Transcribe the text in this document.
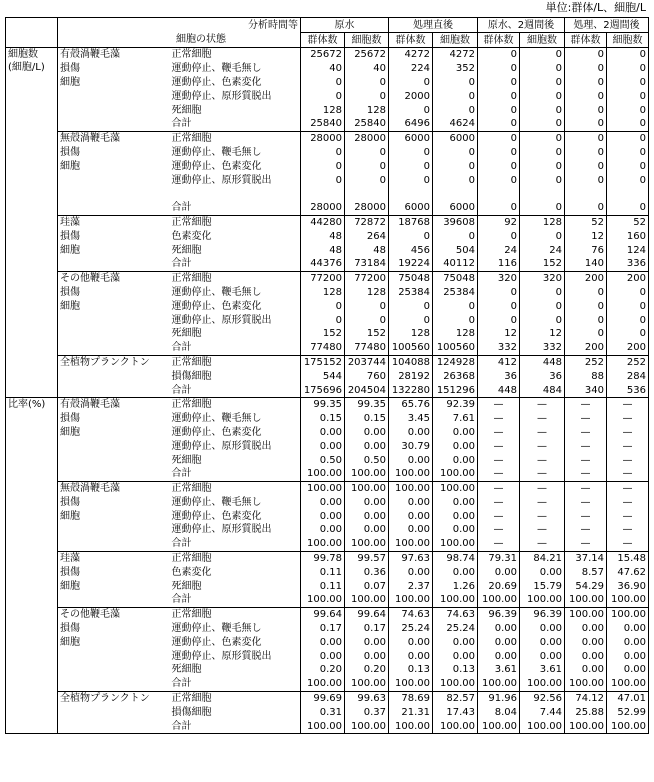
単位:群体/L、細胞/L
	分析時間等		原水		処理直後		原水、2週間後		処理、2週間後	
	細胞の状態		群体数	細胞数	群体数	細胞数	群体数	細胞数	群体数	細胞数

細胞数
(細胞/L)	有殻渦鞭毛藻	正常細胞	25672	25672	4272	4272	0	0	0	0
	損傷	運動停止、鞭毛無し	40	40	224	352	0	0	0	0
	細胞	運動停止、色素変化	0	0	0	0	0	0	0	0
		運動停止、原形質脱出	0	0	2000	0	0	0	0	0
		死細胞	128	128	0	0	0	0	0	0
		合計	25840	25840	6496	4624	0	0	0	0
	無殻渦鞭毛藻	正常細胞	28000	28000	6000	6000	0	0	0	0
	損傷	運動停止、鞭毛無し	0	0	0	0	0	0	0	0
	細胞	運動停止、色素変化	0	0	0	0	0	0	0	0
		運動停止、原形質脱出	0	0	0	0	0	0	0	0

		合計	28000	28000	6000	6000	0	0	0	0
	珪藻	正常細胞	44280	72872	18768	39608	92	128	52	52
	損傷	色素変化	48	264	0	0	0	0	12	160
	細胞	死細胞	48	48	456	504	24	24	76	124
		合計	44376	73184	19224	40112	116	152	140	336
	その他鞭毛藻	正常細胞	77200	77200	75048	75048	320	320	200	200
	損傷	運動停止、鞭毛無し	128	128	25384	25384	0	0	0	0
	細胞	運動停止、色素変化	0	0	0	0	0	0	0	0
		運動停止、原形質脱出	0	0	0	0	0	0	0	0
		死細胞	152	152	128	128	12	12	0	0
		合計	77480	77480	100560	100560	332	332	200	200
	全植物プランクトン	正常細胞	175152	203744	104088	124928	412	448	252	252
		損傷細胞	544	760	28192	26368	36	36	88	284
		合計	175696	204504	132280	151296	448	484	340	536

比率(%)	有殻渦鞭毛藻	正常細胞	99.35	99.35	65.76	92.39	—	—	—	—
	損傷	運動停止、鞭毛無し	0.15	0.15	3.45	7.61	—	—	—	—
	細胞	運動停止、色素変化	0.00	0.00	0.00	0.00	—	—	—	—
		運動停止、原形質脱出	0.00	0.00	30.79	0.00	—	—	—	—
		死細胞	0.50	0.50	0.00	0.00	—	—	—	—
		合計	100.00	100.00	100.00	100.00	—	—	—	—
	無殻渦鞭毛藻	正常細胞	100.00	100.00	100.00	100.00	—	—	—	—
	損傷	運動停止、鞭毛無し	0.00	0.00	0.00	0.00	—	—	—	—
	細胞	運動停止、色素変化	0.00	0.00	0.00	0.00	—	—	—	—
		運動停止、原形質脱出	0.00	0.00	0.00	0.00	—	—	—	—
		合計	100.00	100.00	100.00	100.00	—	—	—	—
	珪藻	正常細胞	99.78	99.57	97.63	98.74	79.31	84.21	37.14	15.48
	損傷	色素変化	0.11	0.36	0.00	0.00	0.00	0.00	8.57	47.62
	細胞	死細胞	0.11	0.07	2.37	1.26	20.69	15.79	54.29	36.90
		合計	100.00	100.00	100.00	100.00	100.00	100.00	100.00	100.00
	その他鞭毛藻	正常細胞	99.64	99.64	74.63	74.63	96.39	96.39	100.00	100.00
	損傷	運動停止、鞭毛無し	0.17	0.17	25.24	25.24	0.00	0.00	0.00	0.00
	細胞	運動停止、色素変化	0.00	0.00	0.00	0.00	0.00	0.00	0.00	0.00
		運動停止、原形質脱出	0.00	0.00	0.00	0.00	0.00	0.00	0.00	0.00
		死細胞	0.20	0.20	0.13	0.13	3.61	3.61	0.00	0.00
		合計	100.00	100.00	100.00	100.00	100.00	100.00	100.00	100.00
	全植物プランクトン	正常細胞	99.69	99.63	78.69	82.57	91.96	92.56	74.12	47.01
		損傷細胞	0.31	0.37	21.31	17.43	8.04	7.44	25.88	52.99
		合計	100.00	100.00	100.00	100.00	100.00	100.00	100.00	100.00
